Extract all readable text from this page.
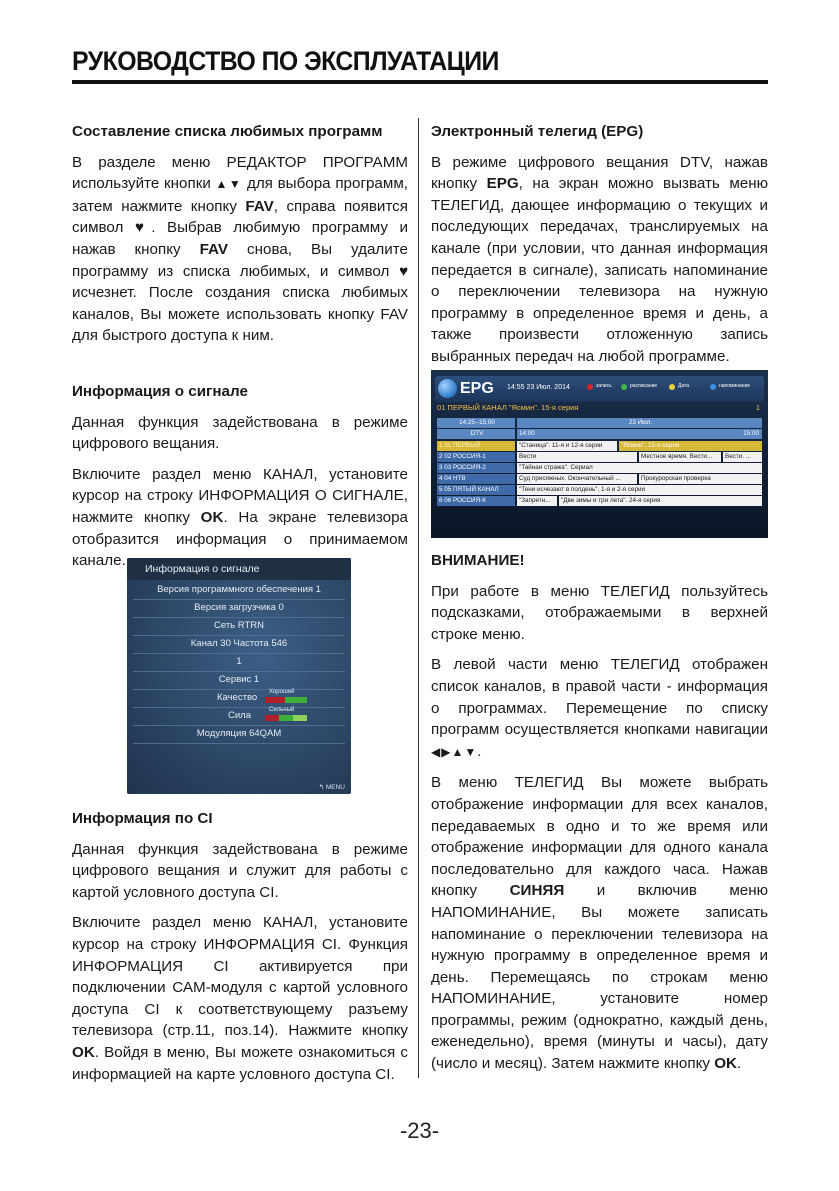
РУКОВОДСТВО ПО ЭКСПЛУАТАЦИИ
Составление списка любимых программ

В разделе меню РЕДАКТОР ПРОГРАММ используйте кнопки ▲▼ для выбора программ, затем нажмите кнопку FAV, справа появится символ ♥. Выбрав любимую программу и нажав кнопку FAV снова, Вы удалите программу из списка любимых, и символ ♥ исчезнет. После создания списка любимых каналов, Вы можете использовать кнопку FAV для быстрого доступа к ним.

Информация о сигнале

Данная функция задействована в режиме цифрового вещания.

Включите раздел меню КАНАЛ, установите курсор на строку ИНФОРМАЦИЯ О СИГНАЛЕ, нажмите кнопку OK. На экране телевизора отобразится информация о принимаемом канале.	Информация о сигнале
Версия программного обеспечения 1
Версия загрузчика 0
Сеть RTRN
Канал 30 Частота 546
1
Сервис 1
Качество Хороший
Сила	Сильный
Модуляция 64QAM
↰ MENU
Информация по CI

Данная функция задействована в режиме цифрового вещания и служит для работы с картой условного доступа CI.

Включите раздел меню КАНАЛ, установите курсор на строку ИНФОРМАЦИЯ CI. Функция ИНФОРМАЦИЯ CI активируется при подключении САМ-модуля с картой условного доступа CI к соответствующему разъему телевизора (стр.11, поз.14). Нажмите кнопку OK. Войдя в меню, Вы можете ознакомиться с информацией на карте условного доступа CI.

Электронный телегид (EPG)

В режиме цифрового вещания DTV, нажав кнопку EPG, на экран можно вызвать меню ТЕЛЕГИД, дающее информацию о текущих и последующих передачах, транслируемых на канале (при условии, что данная информация передается в сигнале), записать напоминание о переключении телевизора на нужную программу в определенное время и день, а также произвести отложенную запись выбранных передач на любой программе.

EPG 14:55 23 Июл. 2014	запись	расписание	Дата	напоминание
01 ПЕРВЫЙ КАНАЛ "Ясмин". 15-я серия	1
14:25--15:00	23 Июл.
DTV	14:00	15:00
1 01 ПЕРВЫЙ	"Станица". 11-я и 12-я серии	"Ясмин". 15-я серия
2 02 РОССИЯ-1	Вести	Местное время. Вести...	Вести. ...
3 03 РОССИЯ-2	"Тайная стража". Сериал
4 04 НТВ	Суд присяжных. Окончательный ...	Прокурорская проверка
5 05 ПЯТЫЙ КАНАЛ	"Тени исчезают в полдень". 1-я и 2-я серии
6 06 РОССИЯ-К	"Запретн...	"Две зимы и три лета". 24-я серия
ВНИМАНИЕ!

При работе в меню ТЕЛЕГИД пользуйтесь подсказками, отображаемыми в верхней строке меню.

В левой части меню ТЕЛЕГИД отображен список каналов, в правой части - информация о программах. Перемещение по списку программ осуществляется кнопками навигации ◀▶▲▼.

В меню ТЕЛЕГИД Вы можете выбрать отображение информации для всех каналов, передаваемых в одно и то же время или отображение информации для одного канала последовательно для каждого часа. Нажав кнопку СИНЯЯ и включив меню НАПОМИНАНИЕ, Вы можете записать напоминание о переключении телевизора на нужную программу в определенное время и день. Перемещаясь по строкам меню НАПОМИНАНИЕ, установите номер программы, режим (однократно, каждый день, еженедельно), время (минуты и часы), дату (число и месяц). Затем нажмите кнопку OK.

-23-
